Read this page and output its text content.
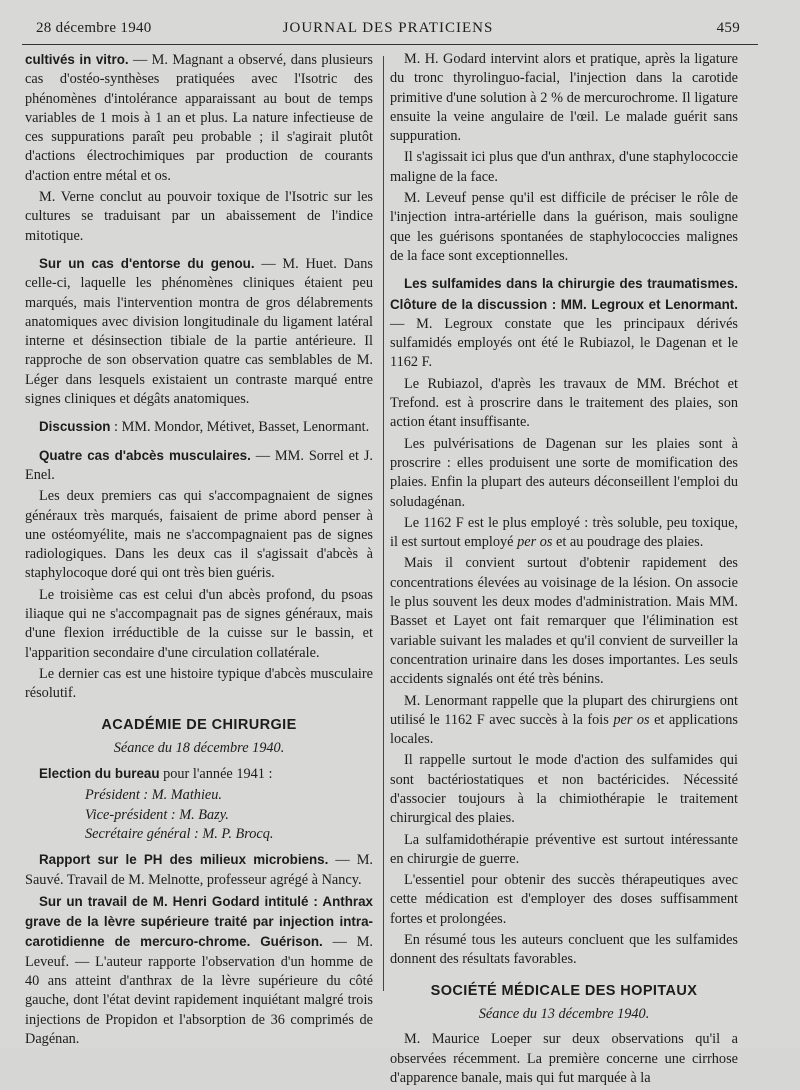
28 décembre 1940	JOURNAL DES PRATICIENS	459

cultivés in vitro. — M. Magnant a observé, dans plusieurs cas d'ostéo-synthèses pratiquées avec l'Isotric des phénomènes d'intolérance apparaissant au bout de temps variables de 1 mois à 1 an et plus. La nature infectieuse de ces suppurations paraît peu probable ; il s'agirait plutôt d'actions électrochimiques par production de courants d'action entre métal et os.

M. Verne conclut au pouvoir toxique de l'Isotric sur les cultures se traduisant par un abaissement de l'indice mitotique.

Sur un cas d'entorse du genou. — M. Huet. Dans celle-ci, laquelle les phénomènes cliniques étaient peu marqués, mais l'intervention montra de gros délabrements anatomiques avec division longitudinale du ligament latéral interne et désinsection tibiale de la partie antérieure. Il rapproche de son observation quatre cas semblables de M. Léger dans lesquels existaient un contraste marqué entre signes cliniques et dégâts anatomiques.

Discussion : MM. Mondor, Métivet, Basset, Lenormant.

Quatre cas d'abcès musculaires. — MM. Sorrel et J. Enel.

Les deux premiers cas qui s'accompagnaient de signes généraux très marqués, faisaient de prime abord penser à une ostéomyélite, mais ne s'accompagnaient pas de signes radiologiques. Dans les deux cas il s'agissait d'abcès à staphylocoque doré qui ont très bien guéris.

Le troisième cas est celui d'un abcès profond, du psoas iliaque qui ne s'accompagnait pas de signes généraux, mais d'une flexion irréductible de la cuisse sur le bassin, et l'apparition secondaire d'une circulation collatérale.

Le dernier cas est une histoire typique d'abcès musculaire résolutif.

ACADÉMIE DE CHIRURGIE
Séance du 18 décembre 1940.

Election du bureau pour l'année 1941 :

Président : M. Mathieu.

Vice-président : M. Bazy.

Secrétaire général : M. P. Brocq.

Rapport sur le PH des milieux microbiens. — M. Sauvé. Travail de M. Melnotte, professeur agrégé à Nancy.

Sur un travail de M. Henri Godard intitulé : Anthrax grave de la lèvre supérieure traité par injection intra-carotidienne de mercuro-chrome. Guérison. — M. Leveuf. — L'auteur rapporte l'observation d'un homme de 40 ans atteint d'anthrax de la lèvre supérieure du côté gauche, dont l'état devint rapidement inquiétant malgré trois injections de Propidon et l'absorption de 36 comprimés de Dagénan.

M. H. Godard intervint alors et pratique, après la ligature du tronc thyrolinguo-facial, l'injection dans la carotide primitive d'une solution à 2 % de mercurochrome. Il ligature ensuite la veine angulaire de l'œil. Le malade guérit sans suppuration.

Il s'agissait ici plus que d'un anthrax, d'une staphylococcie maligne de la face.

M. Leveuf pense qu'il est difficile de préciser le rôle de l'injection intra-artérielle dans la guérison, mais souligne que les guérisons spontanées de staphylococcies malignes de la face sont exceptionnelles.

Les sulfamides dans la chirurgie des traumatismes. Clôture de la discussion : MM. Legroux et Lenormant. — M. Legroux constate que les principaux dérivés sulfamidés employés ont été le Rubiazol, le Dagenan et le 1162 F.

Le Rubiazol, d'après les travaux de MM. Bréchot et Trefond. est à proscrire dans le traitement des plaies, son action étant insuffisante.

Les pulvérisations de Dagenan sur les plaies sont à proscrire : elles produisent une sorte de momification des plaies. Enfin la plupart des auteurs déconseillent l'emploi du soludagénan.

Le 1162 F est le plus employé : très soluble, peu toxique, il est surtout employé per os et au poudrage des plaies.

Mais il convient surtout d'obtenir rapidement des concentrations élevées au voisinage de la lésion. On associe le plus souvent les deux modes d'administration. Mais MM. Basset et Layet ont fait remarquer que l'élimination est variable suivant les malades et qu'il convient de surveiller la concentration urinaire dans les doses importantes. Les seuls accidents signalés ont été très bénins.

M. Lenormant rappelle que la plupart des chirurgiens ont utilisé le 1162 F avec succès à la fois per os et applications locales.

Il rappelle surtout le mode d'action des sulfamides qui sont bactériostatiques et non bactéricides. Nécessité d'associer toujours à la chimiothérapie le traitement chirurgical des plaies.

La sulfamidothérapie préventive est surtout intéressante en chirurgie de guerre.

L'essentiel pour obtenir des succès thérapeutiques avec cette médication est d'employer des doses suffisamment fortes et prolongées.

En résumé tous les auteurs concluent que les sulfamides donnent des résultats favorables.

SOCIÉTÉ MÉDICALE DES HOPITAUX
Séance du 13 décembre 1940.

M. Maurice Loeper sur deux observations qu'il a observées récemment. La première concerne une cirrhose d'apparence banale, mais qui fut marquée à la
